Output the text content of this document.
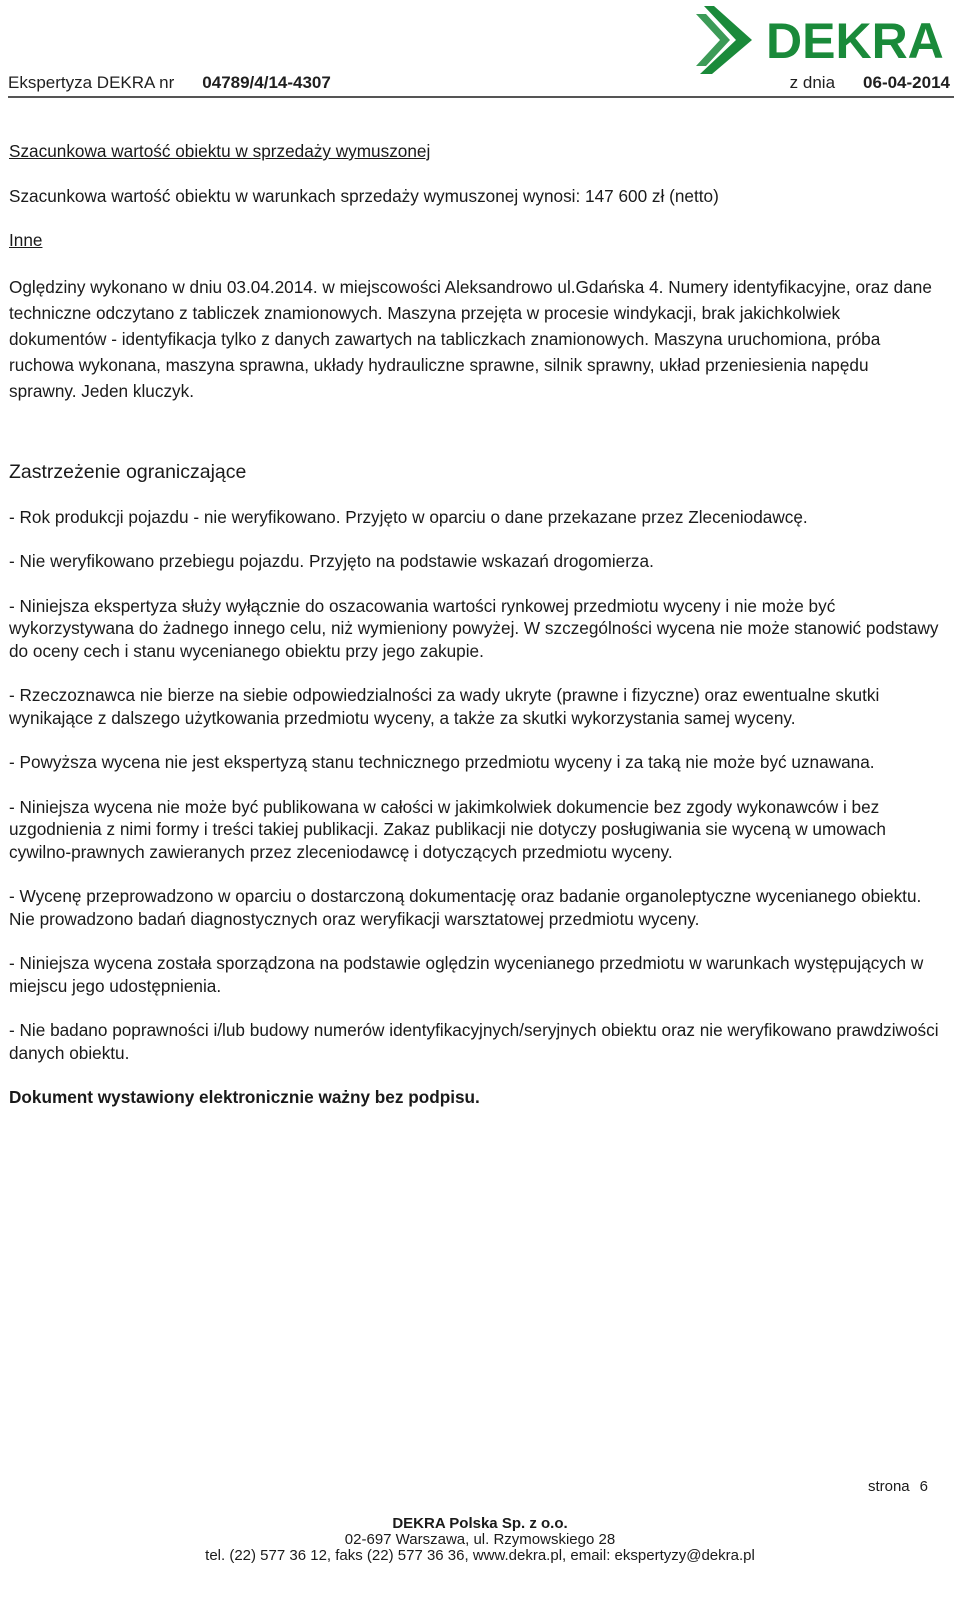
DEKRA
Ekspertyza DEKRA nr 04789/4/14-4307	z dnia 06-04-2014

Szacunkowa wartość obiektu w sprzedaży wymuszonej

Szacunkowa wartość obiektu w warunkach sprzedaży wymuszonej wynosi: 147 600 zł (netto)

Inne

Oględziny wykonano w dniu 03.04.2014. w miejscowości Aleksandrowo ul.Gdańska 4. Numery identyfikacyjne, oraz dane techniczne odczytano z tabliczek znamionowych. Maszyna przejęta w procesie windykacji, brak jakichkolwiek dokumentów - identyfikacja tylko z danych zawartych na tabliczkach znamionowych. Maszyna uruchomiona, próba ruchowa wykonana, maszyna sprawna, układy hydrauliczne sprawne, silnik sprawny, układ przeniesienia napędu sprawny. Jeden kluczyk.

Zastrzeżenie ograniczające

- Rok produkcji pojazdu - nie weryfikowano. Przyjęto w oparciu o dane przekazane przez Zleceniodawcę.

- Nie weryfikowano przebiegu pojazdu. Przyjęto na podstawie wskazań drogomierza.

- Niniejsza ekspertyza służy wyłącznie do oszacowania wartości rynkowej przedmiotu wyceny i nie może być wykorzystywana do żadnego innego celu, niż wymieniony powyżej. W szczególności wycena nie może stanowić podstawy do oceny cech i stanu wycenianego obiektu przy jego zakupie.

- Rzeczoznawca nie bierze na siebie odpowiedzialności za wady ukryte (prawne i fizyczne) oraz ewentualne skutki wynikające z dalszego użytkowania przedmiotu wyceny, a także za skutki wykorzystania samej wyceny.

- Powyższa wycena nie jest ekspertyzą stanu technicznego przedmiotu wyceny i za taką nie może być uznawana.

- Niniejsza wycena nie może być publikowana w całości w jakimkolwiek dokumencie bez zgody wykonawców i bez uzgodnienia z nimi formy i treści takiej publikacji. Zakaz publikacji nie dotyczy posługiwania sie wyceną w umowach cywilno-prawnych zawieranych przez zleceniodawcę i dotyczących przedmiotu wyceny.

- Wycenę przeprowadzono w oparciu o dostarczoną dokumentację oraz badanie organoleptyczne wycenianego obiektu. Nie prowadzono badań diagnostycznych oraz weryfikacji warsztatowej przedmiotu wyceny.

- Niniejsza wycena została sporządzona na podstawie oględzin wycenianego przedmiotu w warunkach występujących w miejscu jego udostępnienia.

- Nie badano poprawności i/lub budowy numerów identyfikacyjnych/seryjnych obiektu oraz nie weryfikowano prawdziwości danych obiektu.

Dokument wystawiony elektronicznie ważny bez podpisu.

strona 6
DEKRA Polska Sp. z o.o.
02-697 Warszawa, ul. Rzymowskiego 28
tel. (22) 577 36 12, faks (22) 577 36 36, www.dekra.pl, email: ekspertyzy@dekra.pl
